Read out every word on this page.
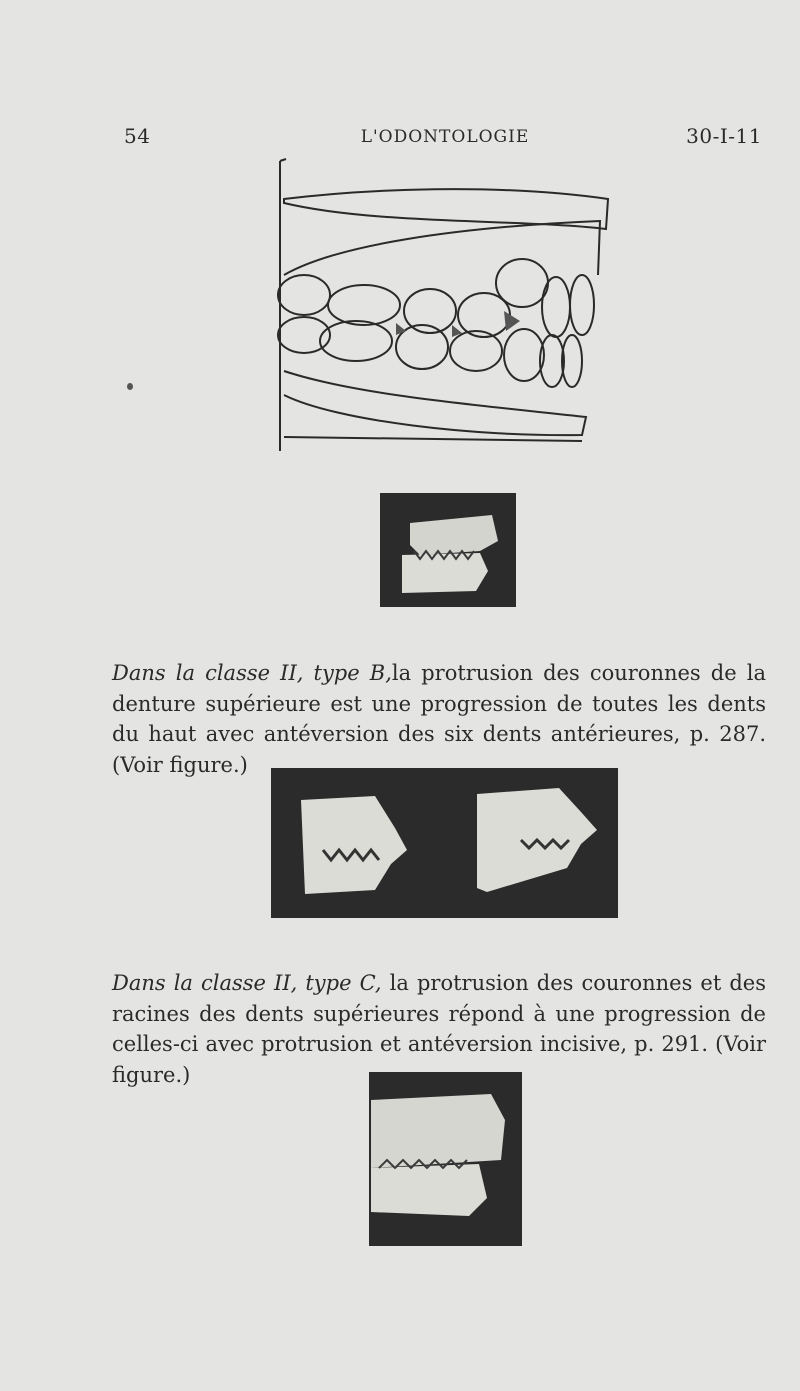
54	L'ODONTOLOGIE	30-I-11

Dans la classe II, type B,la protrusion des couronnes de la denture supérieure est une progression de toutes les dents du haut avec antéversion des six dents antérieures, p. 287. (Voir figure.)

Dans la classe II, type C, la protrusion des couronnes et des racines des dents supérieures répond à une progression de celles-ci avec protrusion et antéversion incisive, p. 291. (Voir figure.)
